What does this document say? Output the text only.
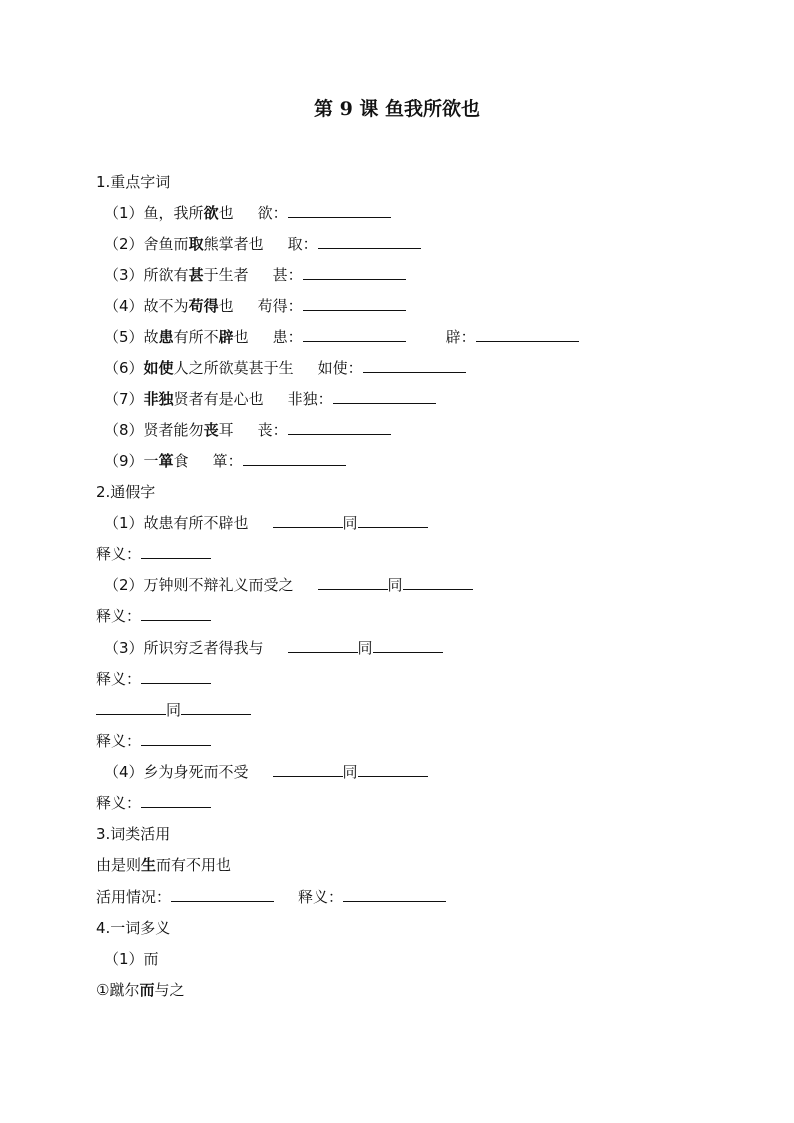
第 9 课 鱼我所欲也
1.重点字词
（1）鱼，我所欲也 欲：
（2）舍鱼而取熊掌者也 取：
（3）所欲有甚于生者 甚：
（4）故不为苟得也 苟得：
（5）故患有所不辟也 患：	辟：
（6）如使人之所欲莫甚于生 如使：
（7）非独贤者有是心也 非独：
（8）贤者能勿丧耳 丧：
（9）一箪食 箪：
2.通假字
（1）故患有所不辟也	同
释义：
（2）万钟则不辩礼义而受之	同
释义：
（3）所识穷乏者得我与	同
释义：
同
释义：
（4）乡为身死而不受	同
释义：
3.词类活用
由是则生而有不用也
活用情况：	释义：
4.一词多义
（1）而
①蹴尔而与之
